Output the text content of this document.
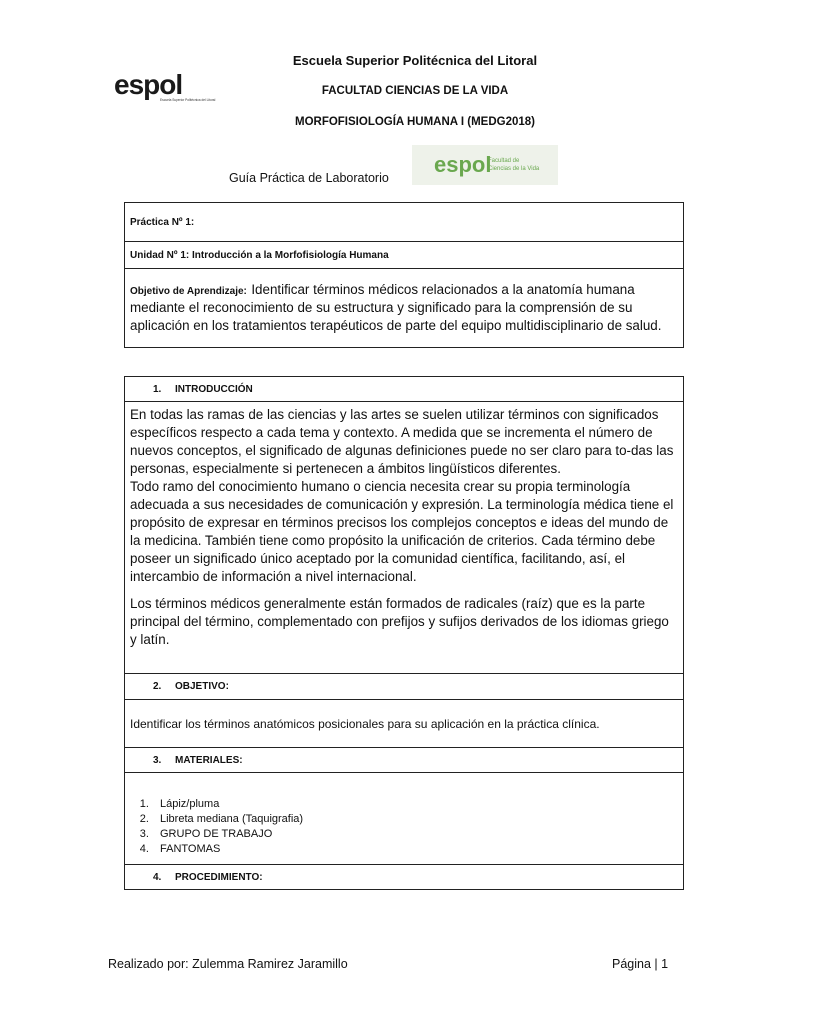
Escuela Superior Politécnica del Litoral
FACULTAD CIENCIAS DE LA VIDA
MORFOFISIOLOGÍA HUMANA I (MEDG2018)
Guía Práctica de Laboratorio
espol
Escuela Superior Politécnica del Litoral
espol
Facultad de
Ciencias de la Vida
Práctica Nº 1:
Unidad Nº 1: Introducción a la Morfofisiología Humana
Objetivo de Aprendizaje: Identificar términos médicos relacionados a la anatomía humana mediante el reconocimiento de su estructura y significado para la comprensión de su aplicación en los tratamientos terapéuticos de parte del equipo multidisciplinario de salud.
1. INTRODUCCIÓN

En todas las ramas de las ciencias y las artes se suelen utilizar términos con significados específicos respecto a cada tema y contexto. A medida que se incrementa el número de nuevos conceptos, el significado de algunas definiciones puede no ser claro para to-das las personas, especialmente si pertenecen a ámbitos lingüísticos diferentes.
Todo ramo del conocimiento humano o ciencia necesita crear su propia terminología adecuada a sus necesidades de comunicación y expresión. La terminología médica tiene el propósito de expresar en términos precisos los complejos conceptos e ideas del mundo de la medicina. También tiene como propósito la unificación de criterios. Cada término debe poseer un significado único aceptado por la comunidad científica, facilitando, así, el intercambio de información a nivel internacional.
Los términos médicos generalmente están formados de radicales (raíz) que es la parte principal del término, complementado con prefijos y sufijos derivados de los idiomas griego y latín.

2. OBJETIVO:
Identificar los términos anatómicos posicionales para su aplicación en la práctica clínica.
3. MATERIALES:

1. Lápiz/pluma
2. Libreta mediana (Taquigrafia)
3. GRUPO DE TRABAJO
4. FANTOMAS

4. PROCEDIMIENTO:
Realizado por: Zulemma Ramirez Jaramillo	Página | 1
